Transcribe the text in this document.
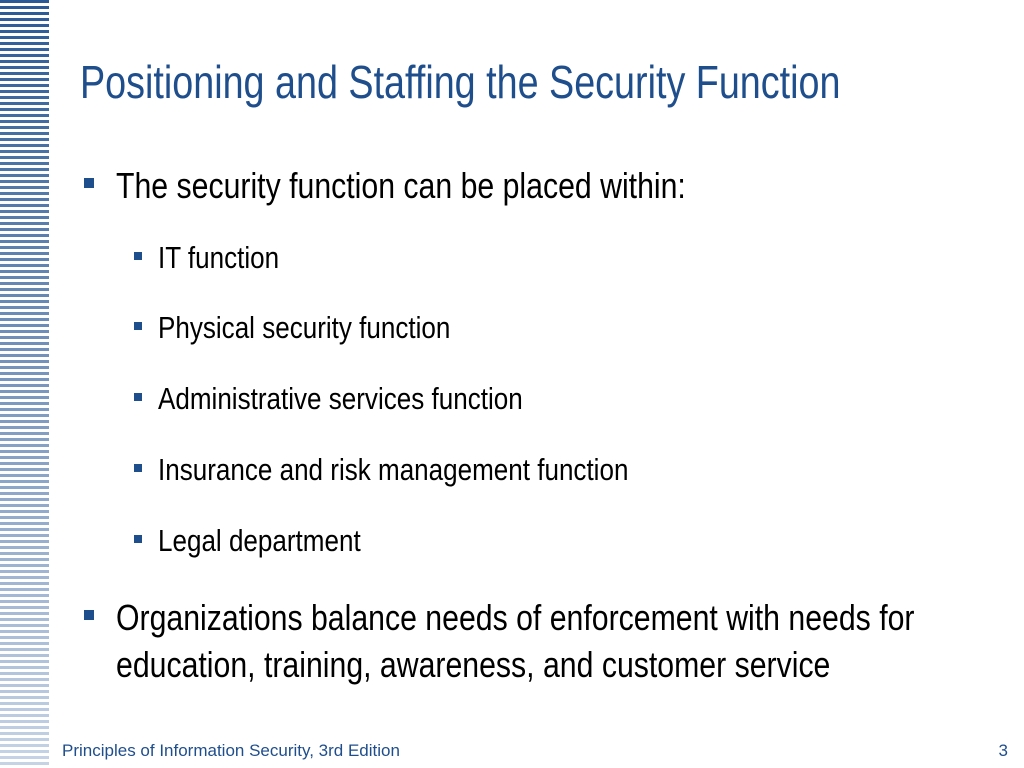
Positioning and Staffing the Security Function
The security function can be placed within:
IT function
Physical security function
Administrative services function
Insurance and risk management function
Legal department
Organizations balance needs of enforcement with needs for
education, training, awareness, and customer service
Principles of Information Security, 3rd Edition	3
